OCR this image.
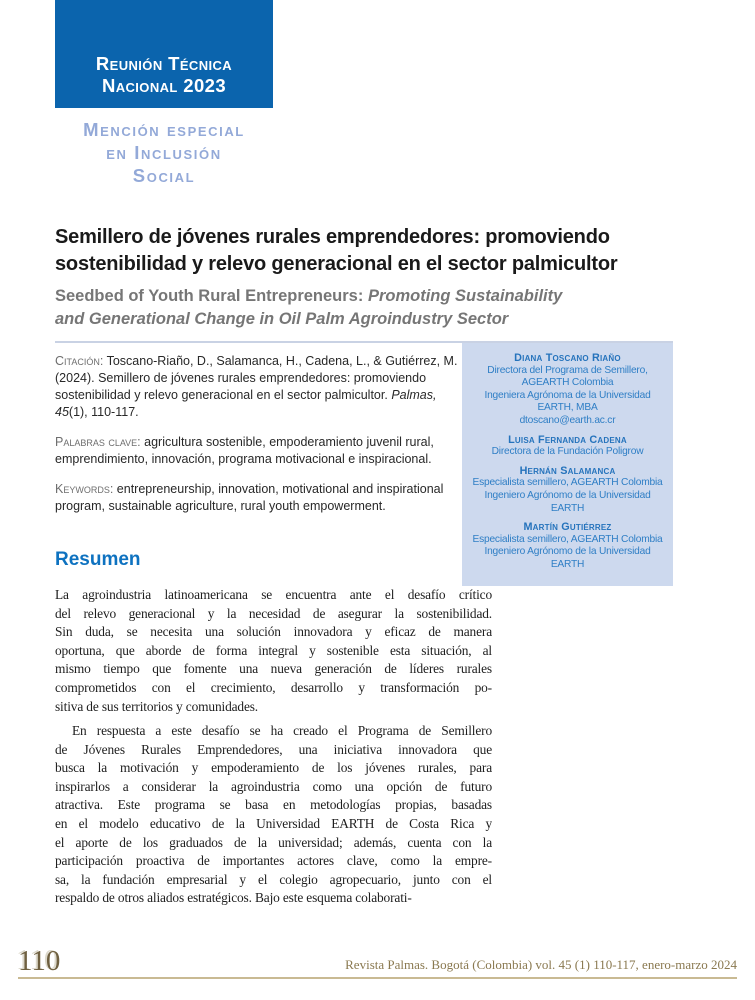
Reunión Técnica
Nacional 2023
Mención especial
en Inclusión
Social
Semillero de jóvenes rurales emprendedores: promoviendo
sostenibilidad y relevo generacional en el sector palmicultor
Seedbed of Youth Rural Entrepreneurs: Promoting Sustainability
and Generational Change in Oil Palm Agroindustry Sector

Citación: Toscano-Riaño, D., Salamanca, H., Cadena, L., & Gutiérrez, M. (2024). Semillero de jóvenes rurales emprendedores: promoviendo sostenibilidad y relevo generacional en el sector palmicultor. Palmas, 45(1), 110-117.

Palabras clave: agricultura sostenible, empoderamiento juvenil rural, emprendimiento, innovación, programa motivacional e inspiracional.

Keywords: entrepreneurship, innovation, motivational and inspirational program, sustainable agriculture, rural youth empowerment.

Diana Toscano Riaño
Directora del Programa de Semillero,
AGEARTH Colombia
Ingeniera Agrónoma de la Universidad
EARTH, MBA
dtoscano@earth.ac.cr
Luisa Fernanda Cadena
Directora de la Fundación Poligrow
Hernán Salamanca
Especialista semillero, AGEARTH Colombia
Ingeniero Agrónomo de la Universidad
EARTH
Martín Gutiérrez
Especialista semillero, AGEARTH Colombia
Ingeniero Agrónomo de la Universidad
EARTH
Resumen
La agroindustria latinoamericana se encuentra ante el desafío crítico
del relevo generacional y la necesidad de asegurar la sostenibilidad.
Sin duda, se necesita una solución innovadora y eficaz de manera
oportuna, que aborde de forma integral y sostenible esta situación, al
mismo tiempo que fomente una nueva generación de líderes rurales
comprometidos con el crecimiento, desarrollo y transformación po-
sitiva de sus territorios y comunidades.
En respuesta a este desafío se ha creado el Programa de Semillero
de Jóvenes Rurales Emprendedores, una iniciativa innovadora que
busca la motivación y empoderamiento de los jóvenes rurales, para
inspirarlos a considerar la agroindustria como una opción de futuro
atractiva. Este programa se basa en metodologías propias, basadas
en el modelo educativo de la Universidad EARTH de Costa Rica y
el aporte de los graduados de la universidad; además, cuenta con la
participación proactiva de importantes actores clave, como la empre-
sa, la fundación empresarial y el colegio agropecuario, junto con el
respaldo de otros aliados estratégicos. Bajo este esquema colaborati-
110	Revista Palmas. Bogotá (Colombia) vol. 45 (1) 110-117, enero-marzo 2024
